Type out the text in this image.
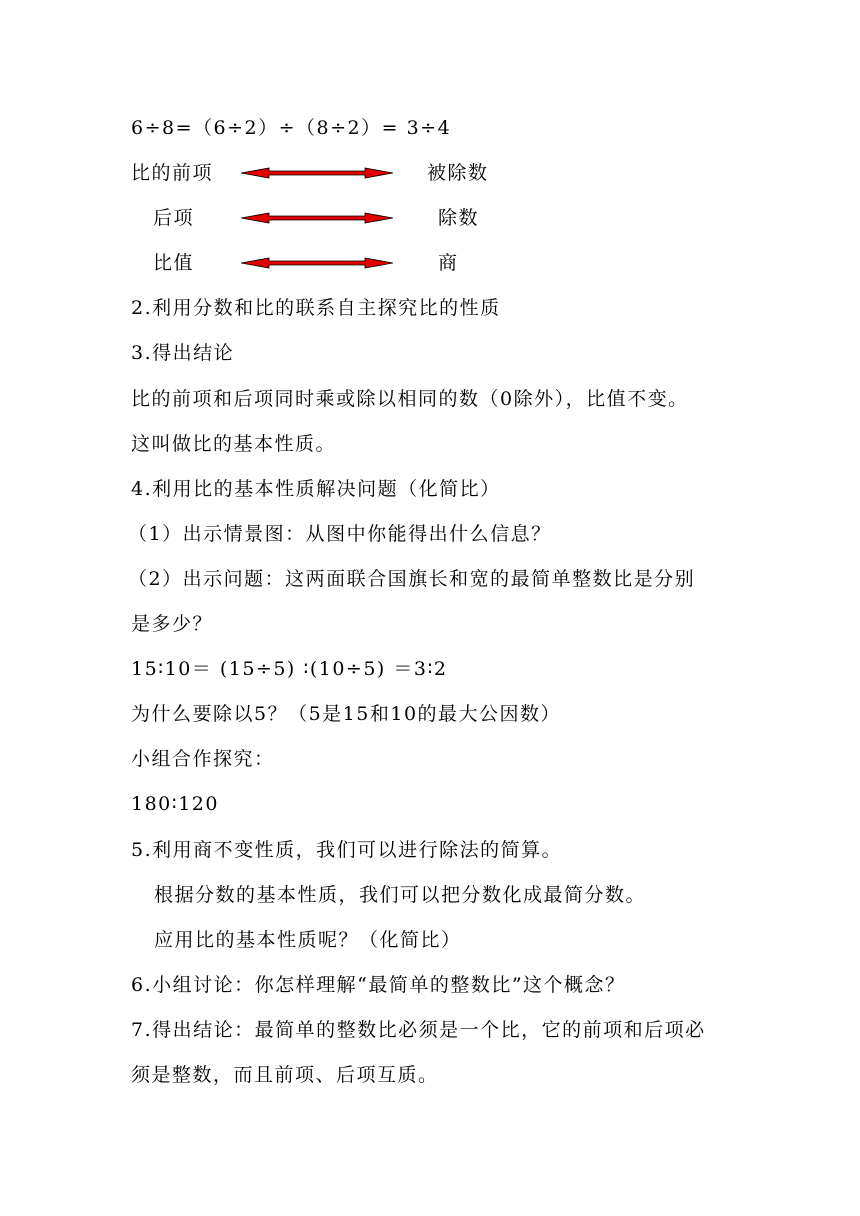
6÷8=（6÷2）÷（8÷2）= 3÷4
比的前项	被除数
后项	除数
比值	商
2.利用分数和比的联系自主探究比的性质
3.得出结论
比的前项和后项同时乘或除以相同的数（0除外），比值不变。
这叫做比的基本性质。
4.利用比的基本性质解决问题（化简比）
（1）出示情景图：从图中你能得出什么信息？
（2）出示问题：这两面联合国旗长和宽的最简单整数比是分别
是多少？
15∶10＝ (15÷5) ∶(10÷5) ＝3∶2
为什么要除以5？（5是15和10的最大公因数）
小组合作探究：
180∶120
5.利用商不变性质，我们可以进行除法的简算。
根据分数的基本性质，我们可以把分数化成最简分数。
应用比的基本性质呢？（化简比）
6.小组讨论：你怎样理解“最简单的整数比”这个概念？
7.得出结论：最简单的整数比必须是一个比，它的前项和后项必
须是整数，而且前项、后项互质。
